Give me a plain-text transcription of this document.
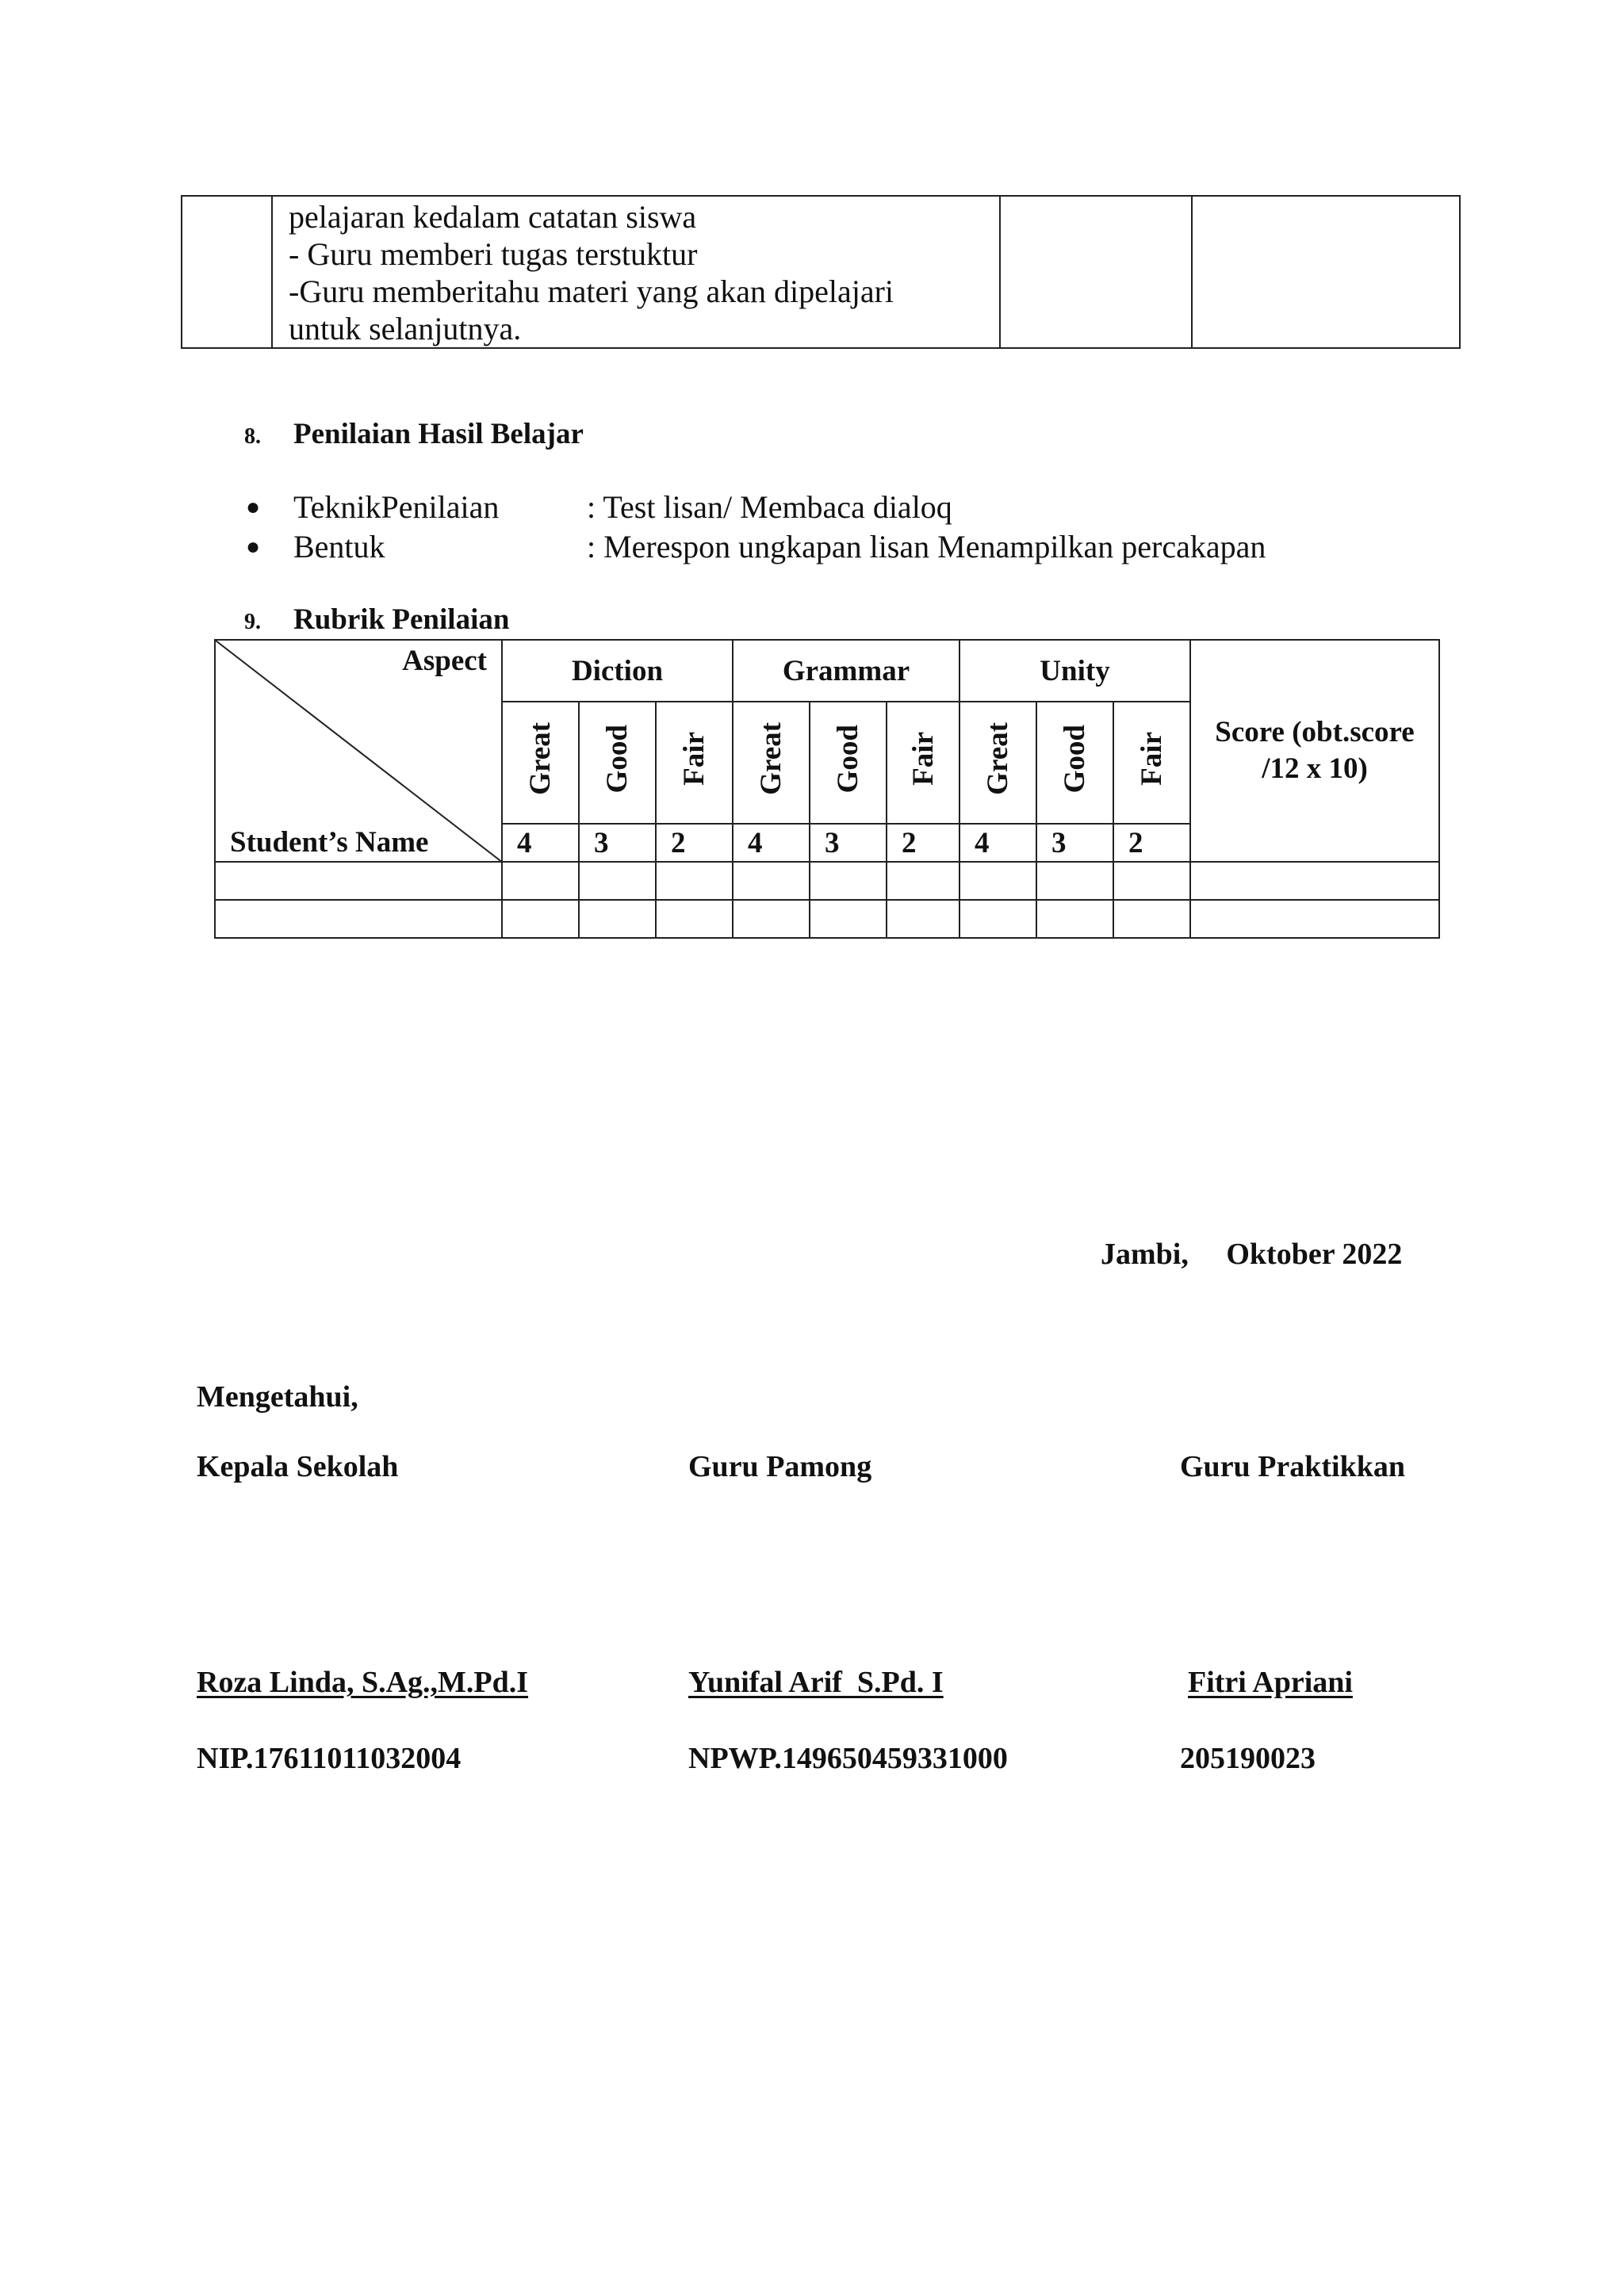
pelajaran kedalam catatan siswa
- Guru memberi tugas terstuktur
-Guru memberitahu materi yang akan dipelajari
untuk selanjutnya.

8.	Penilaian Hasil Belajar
●	TeknikPenilaian	: Test lisan/ Membaca dialoq
●	Bentuk	: Merespon ungkapan lisan Menampilkan percakapan
9.	Rubrik Penilaian
Aspect
Student’s Name	Diction			Grammar			Unity			Score (obt.score /12 x 10)
	Great	Good	Fair	Great	Good	Fair	Great	Good	Fair	
	4	3	2	4	3	2	4	3	2	

Jambi,     Oktober 2022
Mengetahui,
Kepala Sekolah	Guru Pamong	Guru Praktikkan
Roza Linda, S.Ag.,M.Pd.I	Yunifal Arif  S.Pd. I	Fitri Apriani
NIP.17611011032004	NPWP.149650459331000	205190023
